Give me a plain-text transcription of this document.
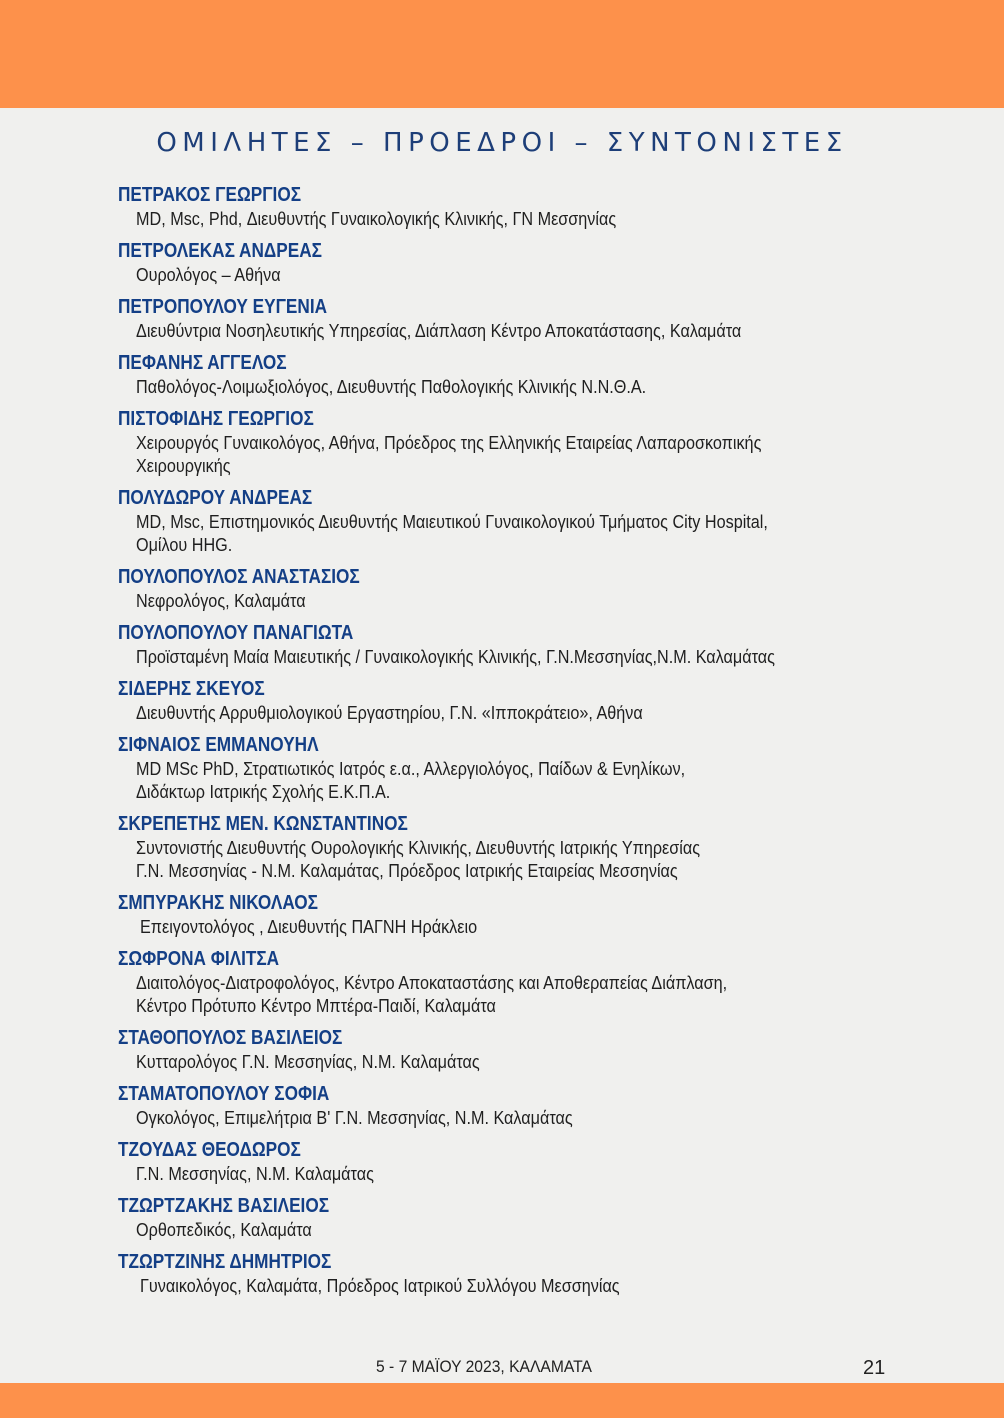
ΟΜΙΛΗΤΕΣ – ΠΡΟΕΔΡΟΙ – ΣΥΝΤΟΝΙΣΤΕΣ
ΠΕΤΡΑΚΟΣ ΓΕΩΡΓΙΟΣ
MD, Msc, Phd, Διευθυντής Γυναικολογικής Κλινικής, ΓΝ Μεσσηνίας
ΠΕΤΡΟΛΕΚΑΣ ΑΝΔΡΕΑΣ
Ουρολόγος – Αθήνα
ΠΕΤΡΟΠΟΥΛΟΥ ΕΥΓΕΝΙΑ
Διευθύντρια Νοσηλευτικής Υπηρεσίας, Διάπλαση Κέντρο Αποκατάστασης, Καλαμάτα
ΠΕΦΑΝΗΣ ΑΓΓΕΛΟΣ
Παθολόγος-Λοιμωξιολόγος, Διευθυντής Παθολογικής Κλινικής Ν.Ν.Θ.Α.
ΠΙΣΤΟΦΙΔΗΣ ΓΕΩΡΓΙΟΣ
Χειρουργός Γυναικολόγος, Αθήνα, Πρόεδρος της Ελληνικής Εταιρείας Λαπαροσκοπικής
Χειρουργικής
ΠΟΛΥΔΩΡΟΥ ΑΝΔΡΕΑΣ
MD, Msc, Επιστημονικός Διευθυντής Μαιευτικού Γυναικολογικού Τμήματος City Hospital,
Ομίλου HHG.
ΠΟΥΛΟΠΟΥΛΟΣ ΑΝΑΣΤΑΣΙΟΣ
Νεφρολόγος, Καλαμάτα
ΠΟΥΛΟΠΟΥΛΟΥ ΠΑΝΑΓΙΩΤΑ
Προϊσταμένη Μαία Μαιευτικής / Γυναικολογικής Κλινικής, Γ.Ν.Μεσσηνίας,Ν.Μ. Καλαμάτας
ΣΙΔΕΡΗΣ ΣΚΕΥΟΣ
Διευθυντής Αρρυθμιολογικού Εργαστηρίου, Γ.Ν. «Ιπποκράτειο», Αθήνα
ΣΙΦΝΑΙΟΣ ΕΜΜΑΝΟΥΗΛ
MD MSc PhD, Στρατιωτικός Ιατρός ε.α., Αλλεργιολόγος, Παίδων & Ενηλίκων,
Διδάκτωρ Ιατρικής Σχολής Ε.Κ.Π.Α.
ΣΚΡΕΠΕΤΗΣ ΜΕΝ. ΚΩΝΣΤΑΝΤΙΝΟΣ
Συντονιστής Διευθυντής Ουρολογικής Κλινικής, Διευθυντής Ιατρικής Υπηρεσίας
Γ.Ν. Μεσσηνίας - Ν.Μ. Καλαμάτας, Πρόεδρος Ιατρικής Εταιρείας Μεσσηνίας
ΣΜΠΥΡΑΚΗΣ ΝΙΚΟΛΑΟΣ
Επειγοντολόγος , Διευθυντής ΠΑΓΝΗ Ηράκλειο
ΣΩΦΡΟΝΑ ΦΙΛΙΤΣΑ
Διαιτολόγος-Διατροφολόγος, Κέντρο Αποκαταστάσης και Αποθεραπείας Διάπλαση,
Κέντρο Πρότυπο Κέντρο Μπτέρα-Παιδί, Καλαμάτα
ΣΤΑΘΟΠΟΥΛΟΣ ΒΑΣΙΛΕΙΟΣ
Κυτταρολόγος Γ.Ν. Μεσσηνίας, Ν.Μ. Καλαμάτας
ΣΤΑΜΑΤΟΠΟΥΛΟΥ ΣΟΦΙΑ
Ογκολόγος, Επιμελήτρια Β' Γ.Ν. Μεσσηνίας, Ν.Μ. Καλαμάτας
ΤΖΟΥΔΑΣ ΘΕΟΔΩΡΟΣ
Γ.Ν. Μεσσηνίας, Ν.Μ. Καλαμάτας
ΤΖΩΡΤΖΑΚΗΣ ΒΑΣΙΛΕΙΟΣ
Ορθοπεδικός, Καλαμάτα
ΤΖΩΡΤΖΙΝΗΣ ΔΗΜΗΤΡΙΟΣ
Γυναικολόγος, Καλαμάτα, Πρόεδρος Ιατρικού Συλλόγου Μεσσηνίας
5 - 7 ΜΑΪΟΥ 2023, ΚΑΛΑΜΑΤΑ	21
